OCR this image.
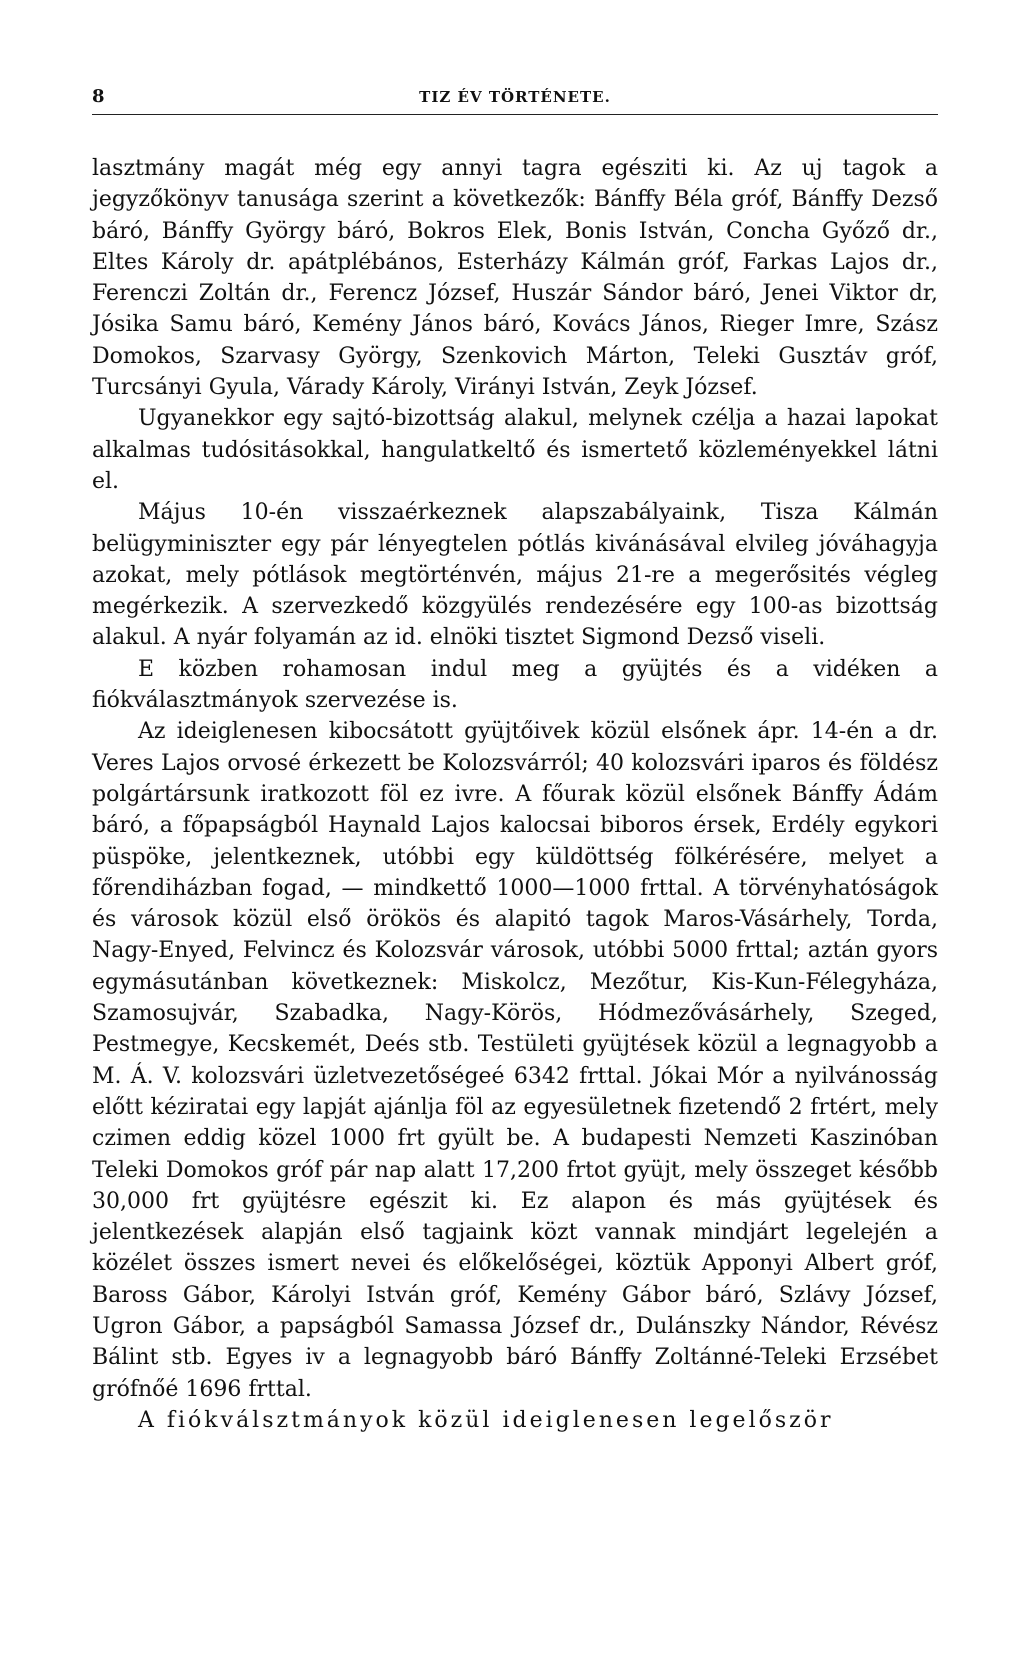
8	TIZ ÉV TÖRTÉNETE.

lasztmány magát még egy annyi tagra egésziti ki. Az uj tagok a jegyzőkönyv tanusága szerint a következők: Bánffy Béla gróf, Bánffy Dezső báró, Bánffy György báró, Bokros Elek, Bonis István, Concha Győző dr., Eltes Károly dr. apátplébános, Esterházy Kálmán gróf, Farkas Lajos dr., Ferenczi Zoltán dr., Ferencz József, Huszár Sándor báró, Jenei Viktor dr, Jósika Samu báró, Kemény János báró, Kovács János, Rieger Imre, Szász Domokos, Szarvasy György, Szenkovich Márton, Teleki Gusztáv gróf, Turcsányi Gyula, Várady Károly, Virányi István, Zeyk József.

Ugyanekkor egy sajtó-bizottság alakul, melynek czélja a hazai lapokat alkalmas tudósitásokkal, hangulatkeltő és ismertető közleményekkel látni el.

Május 10-én visszaérkeznek alapszabályaink, Tisza Kálmán belügyminiszter egy pár lényegtelen pótlás kivánásával elvileg jóváhagyja azokat, mely pótlások megtörténvén, május 21-re a megerősités végleg megérkezik. A szervezkedő közgyülés rendezésére egy 100-as bizottság alakul. A nyár folyamán az id. elnöki tisztet Sigmond Dezső viseli.

E közben rohamosan indul meg a gyüjtés és a vidéken a fiókválasztmányok szervezése is.

Az ideiglenesen kibocsátott gyüjtőivek közül elsőnek ápr. 14-én a dr. Veres Lajos orvosé érkezett be Kolozsvárról; 40 kolozsvári iparos és földész polgártársunk iratkozott föl ez ivre. A főurak közül elsőnek Bánffy Ádám báró, a főpapságból Haynald Lajos kalocsai biboros érsek, Erdély egykori püspöke, jelentkeznek, utóbbi egy küldöttség fölkérésére, melyet a főrendiházban fogad, — mindkettő 1000—1000 frttal. A törvényhatóságok és városok közül első örökös és alapitó tagok Maros-Vásárhely, Torda, Nagy-Enyed, Felvincz és Kolozsvár városok, utóbbi 5000 frttal; aztán gyors egymásutánban következnek: Miskolcz, Mezőtur, Kis-Kun-Félegyháza, Szamosujvár, Szabadka, Nagy-Körös, Hódmezővásárhely, Szeged, Pestmegye, Kecskemét, Deés stb. Testületi gyüjtések közül a legnagyobb a M. Á. V. kolozsvári üzletvezetőségeé 6342 frttal. Jókai Mór a nyilvánosság előtt kéziratai egy lapját ajánlja föl az egyesületnek fizetendő 2 frtért, mely czimen eddig közel 1000 frt gyült be. A budapesti Nemzeti Kaszinóban Teleki Domokos gróf pár nap alatt 17,200 frtot gyüjt, mely összeget később 30,000 frt gyüjtésre egészit ki. Ez alapon és más gyüjtések és jelentkezések alapján első tagjaink közt vannak mindjárt legelején a közélet összes ismert nevei és előkelőségei, köztük Apponyi Albert gróf, Baross Gábor, Károlyi István gróf, Kemény Gábor báró, Szlávy József, Ugron Gábor, a papságból Samassa József dr., Dulánszky Nándor, Révész Bálint stb. Egyes iv a legnagyobb báró Bánffy Zoltánné-Teleki Erzsébet grófnőé 1696 frttal.

A fiókválsztmányok közül ideiglenesen legelőször
